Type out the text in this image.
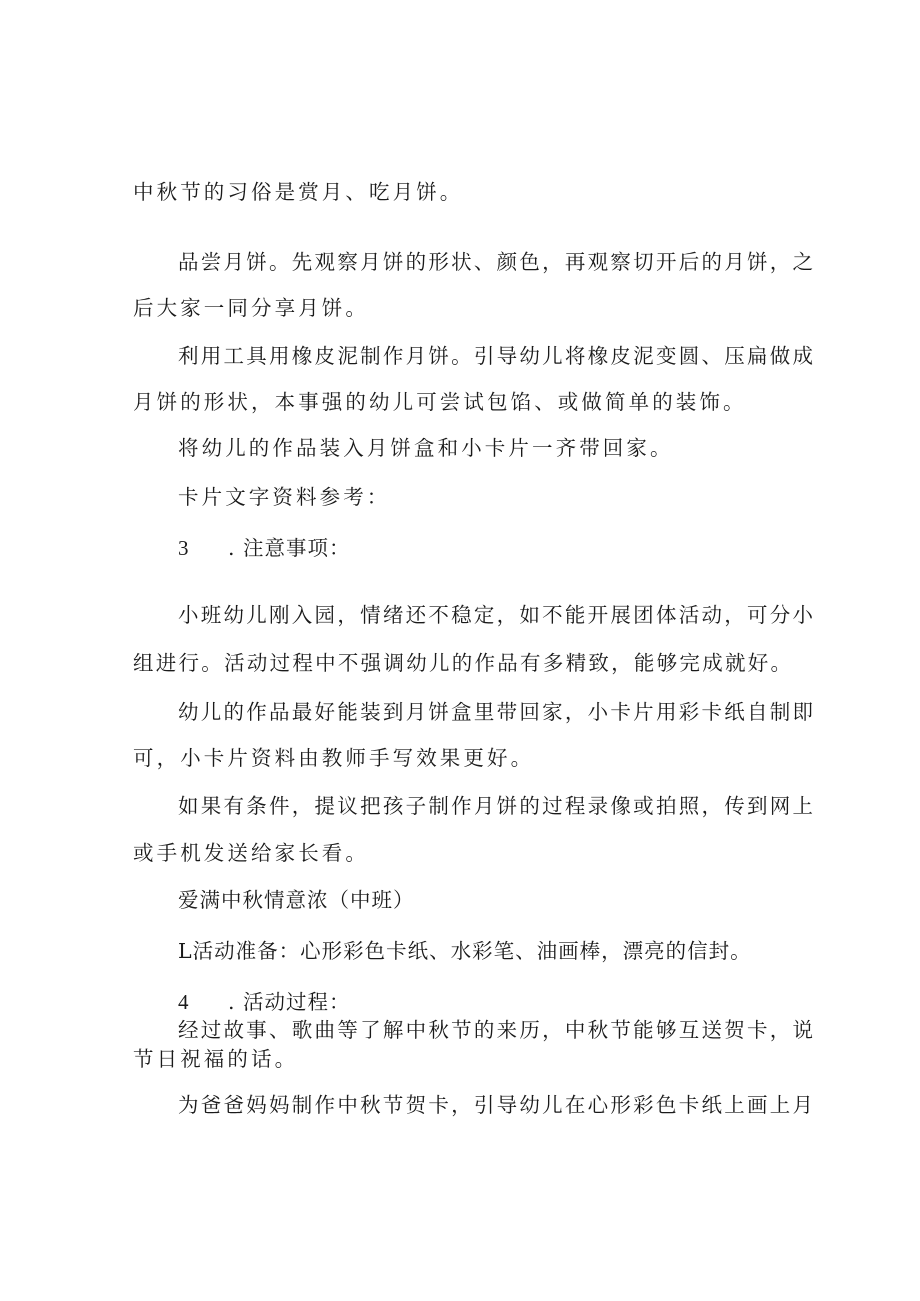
中秋节的习俗是赏月、吃月饼。
品尝月饼。先观察月饼的形状、颜色，再观察切开后的月饼，之
后大家一同分享月饼。
利用工具用橡皮泥制作月饼。引导幼儿将橡皮泥变圆、压扁做成
月饼的形状，本事强的幼儿可尝试包馅、或做简单的装饰。
将幼儿的作品装入月饼盒和小卡片一齐带回家。
卡片文字资料参考：
3 . 注意事项：
小班幼儿刚入园，情绪还不稳定，如不能开展团体活动，可分小
组进行。活动过程中不强调幼儿的作品有多精致，能够完成就好。
幼儿的作品最好能装到月饼盒里带回家，小卡片用彩卡纸自制即
可，小卡片资料由教师手写效果更好。
如果有条件，提议把孩子制作月饼的过程录像或拍照，传到网上
或手机发送给家长看。
爱满中秋情意浓（中班）
L活动准备：心形彩色卡纸、水彩笔、油画棒，漂亮的信封。
4 . 活动过程：
经过故事、歌曲等了解中秋节的来历，中秋节能够互送贺卡，说
节日祝福的话。
为爸爸妈妈制作中秋节贺卡，引导幼儿在心形彩色卡纸上画上月
